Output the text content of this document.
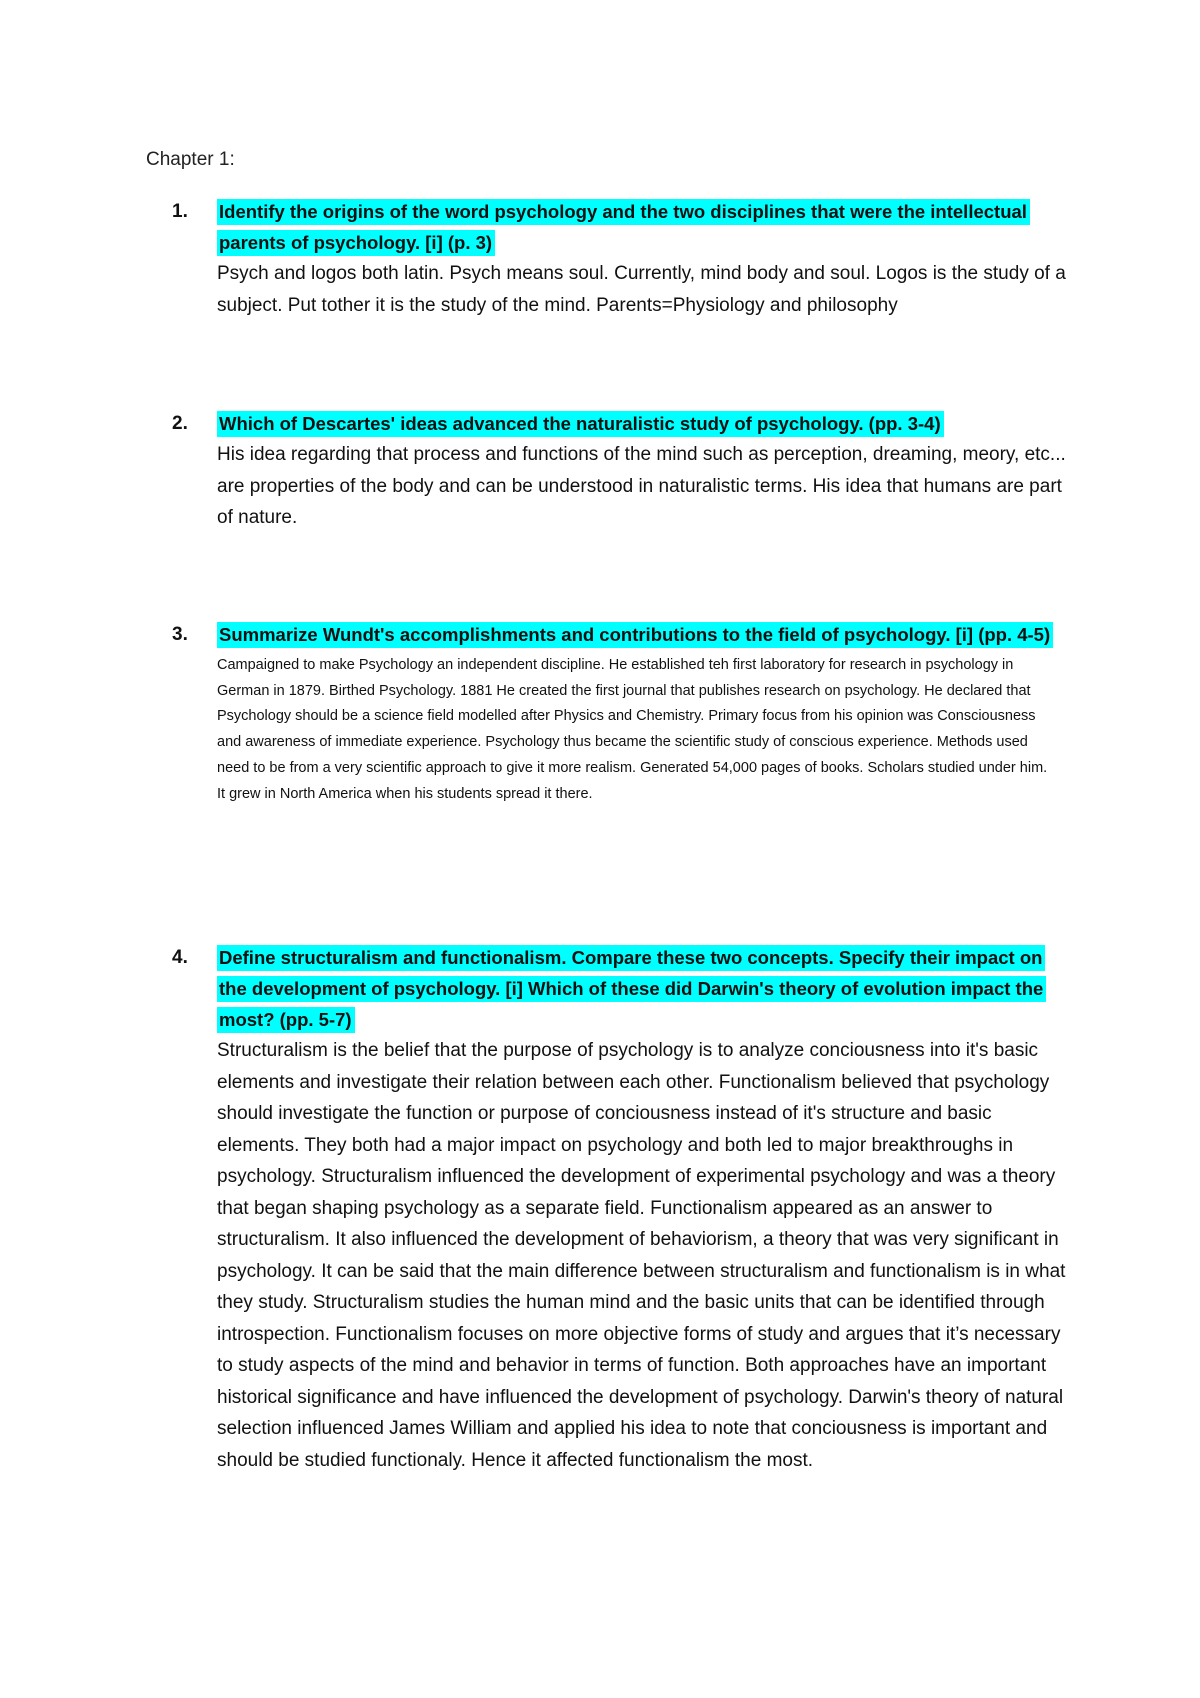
Chapter 1:
1. Identify the origins of the word psychology and the two disciplines that were the intellectual parents of psychology. [i] (p. 3)

Psych and logos both latin. Psych means soul. Currently, mind body and soul. Logos is the study of a subject. Put tother it is the study of the mind. Parents=Physiology and philosophy

2. Which of Descartes' ideas advanced the naturalistic study of psychology. (pp. 3-4)

His idea regarding that process and functions of the mind such as perception, dreaming, meory, etc... are properties of the body and can be understood in naturalistic terms. His idea that humans are part of nature.

3. Summarize Wundt's accomplishments and contributions to the field of psychology. [i] (pp. 4-5)

Campaigned to make Psychology an independent discipline. He established teh first laboratory for research in psychology in German in 1879. Birthed Psychology. 1881 He created the first journal that publishes research on psychology. He declared that Psychology should be a science field modelled after Physics and Chemistry. Primary focus from his opinion was Consciousness and awareness of immediate experience. Psychology thus became the scientific study of conscious experience. Methods used need to be from a very scientific approach to give it more realism. Generated 54,000 pages of books. Scholars studied under him. It grew in North America when his students spread it there.

4. Define structuralism and functionalism. Compare these two concepts. Specify their impact on the development of psychology. [i] Which of these did Darwin's theory of evolution impact the most? (pp. 5-7)

Structuralism is the belief that the purpose of psychology is to analyze conciousness into it's basic elements and investigate their relation between each other. Functionalism believed that psychology should investigate the function or purpose of conciousness instead of it's structure and basic elements. They both had a major impact on psychology and both led to major breakthroughs in psychology. Structuralism influenced the development of experimental psychology and was a theory that began shaping psychology as a separate field. Functionalism appeared as an answer to structuralism. It also influenced the development of behaviorism, a theory that was very significant in psychology. It can be said that the main difference between structuralism and functionalism is in what they study. Structuralism studies the human mind and the basic units that can be identified through introspection. Functionalism focuses on more objective forms of study and argues that it’s necessary to study aspects of the mind and behavior in terms of function. Both approaches have an important historical significance and have influenced the development of psychology. Darwin's theory of natural selection influenced James William and applied his idea to note that conciousness is important and should be studied functionaly. Hence it affected functionalism the most.
